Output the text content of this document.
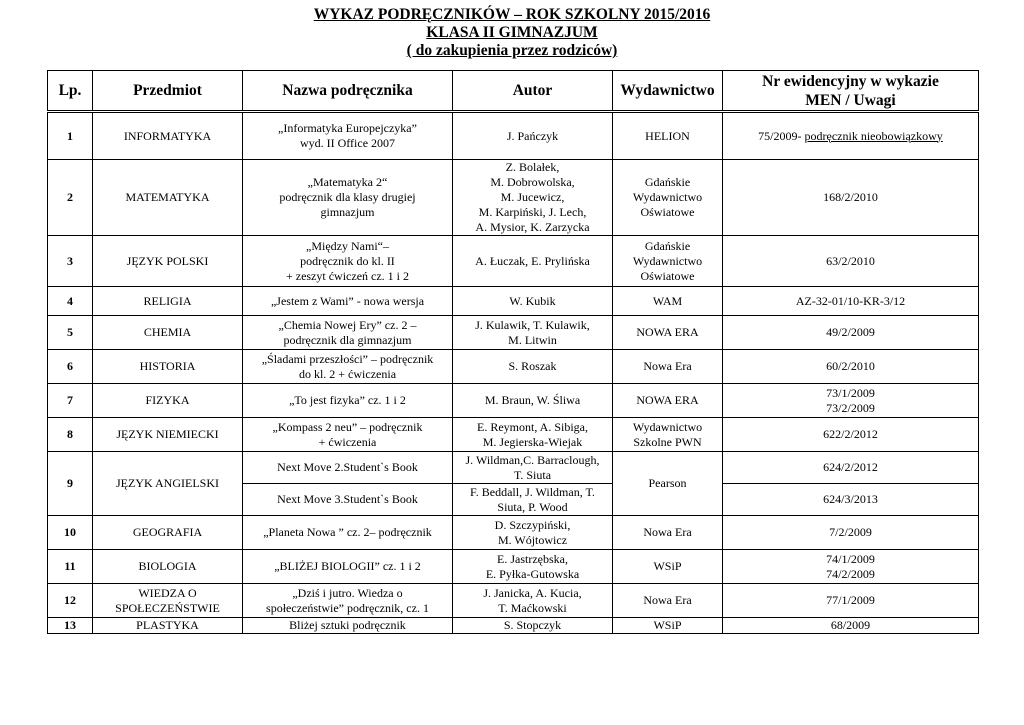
WYKAZ PODRĘCZNIKÓW – ROK SZKOLNY 2015/2016
KLASA II GIMNAZJUM
( do zakupienia przez rodziców)
Lp.	Przedmiot	Nazwa podręcznika	Autor	Wydawnictwo	Nr ewidencyjny w wykazie
MEN / Uwagi
1	INFORMATYKA	„Informatyka Europejczyka”
wyd. II Office 2007	J. Pańczyk	HELION	75/2009- podręcznik nieobowiązkowy
2	MATEMATYKA	„Matematyka 2“
podręcznik dla klasy drugiej
gimnazjum	Z. Bolałek,
M. Dobrowolska,
M. Jucewicz,
M. Karpiński, J. Lech,
A. Mysior, K. Zarzycka	Gdańskie
Wydawnictwo
Oświatowe	168/2/2010
3	JĘZYK POLSKI	„Między Nami“–
podręcznik do kl. II
+ zeszyt ćwiczeń cz. 1 i 2	A. Łuczak, E. Prylińska	Gdańskie
Wydawnictwo
Oświatowe	63/2/2010
4	RELIGIA	„Jestem z Wami” - nowa wersja	W. Kubik	WAM	AZ-32-01/10-KR-3/12
5	CHEMIA	„Chemia Nowej Ery” cz. 2 –
podręcznik dla gimnazjum	J. Kulawik, T. Kulawik,
M. Litwin	NOWA ERA	49/2/2009
6	HISTORIA	„Śladami przeszłości” – podręcznik
do kl. 2 + ćwiczenia	S. Roszak	Nowa Era	60/2/2010
7	FIZYKA	„To jest fizyka” cz. 1 i 2	M. Braun, W. Śliwa	NOWA ERA	73/1/2009
73/2/2009
8	JĘZYK NIEMIECKI	„Kompass 2 neu” – podręcznik
+ ćwiczenia	E. Reymont, A. Sibiga,
M. Jegierska-Wiejak	Wydawnictwo
Szkolne PWN	622/2/2012
9	JĘZYK ANGIELSKI	Next Move 2.Student`s Book	J. Wildman,C. Barraclough,
T. Siuta	Pearson	624/2/2012
		Next Move 3.Student`s Book	F. Beddall, J. Wildman, T.
Siuta, P. Wood		624/3/2013
10	GEOGRAFIA	„Planeta Nowa ” cz. 2– podręcznik	D. Szczypiński,
M. Wójtowicz	Nowa Era	7/2/2009
11	BIOLOGIA	„BLIŻEJ BIOLOGII” cz. 1 i 2	E. Jastrzębska,
E. Pyłka-Gutowska	WSiP	74/1/2009
74/2/2009
12	WIEDZA O
SPOŁECZEŃSTWIE	„Dziś i jutro. Wiedza o
społeczeństwie” podręcznik, cz. 1	J. Janicka, A. Kucia,
T. Maćkowski	Nowa Era	77/1/2009
13	PLASTYKA	Bliżej sztuki podręcznik	S. Stopczyk	WSiP	68/2009
